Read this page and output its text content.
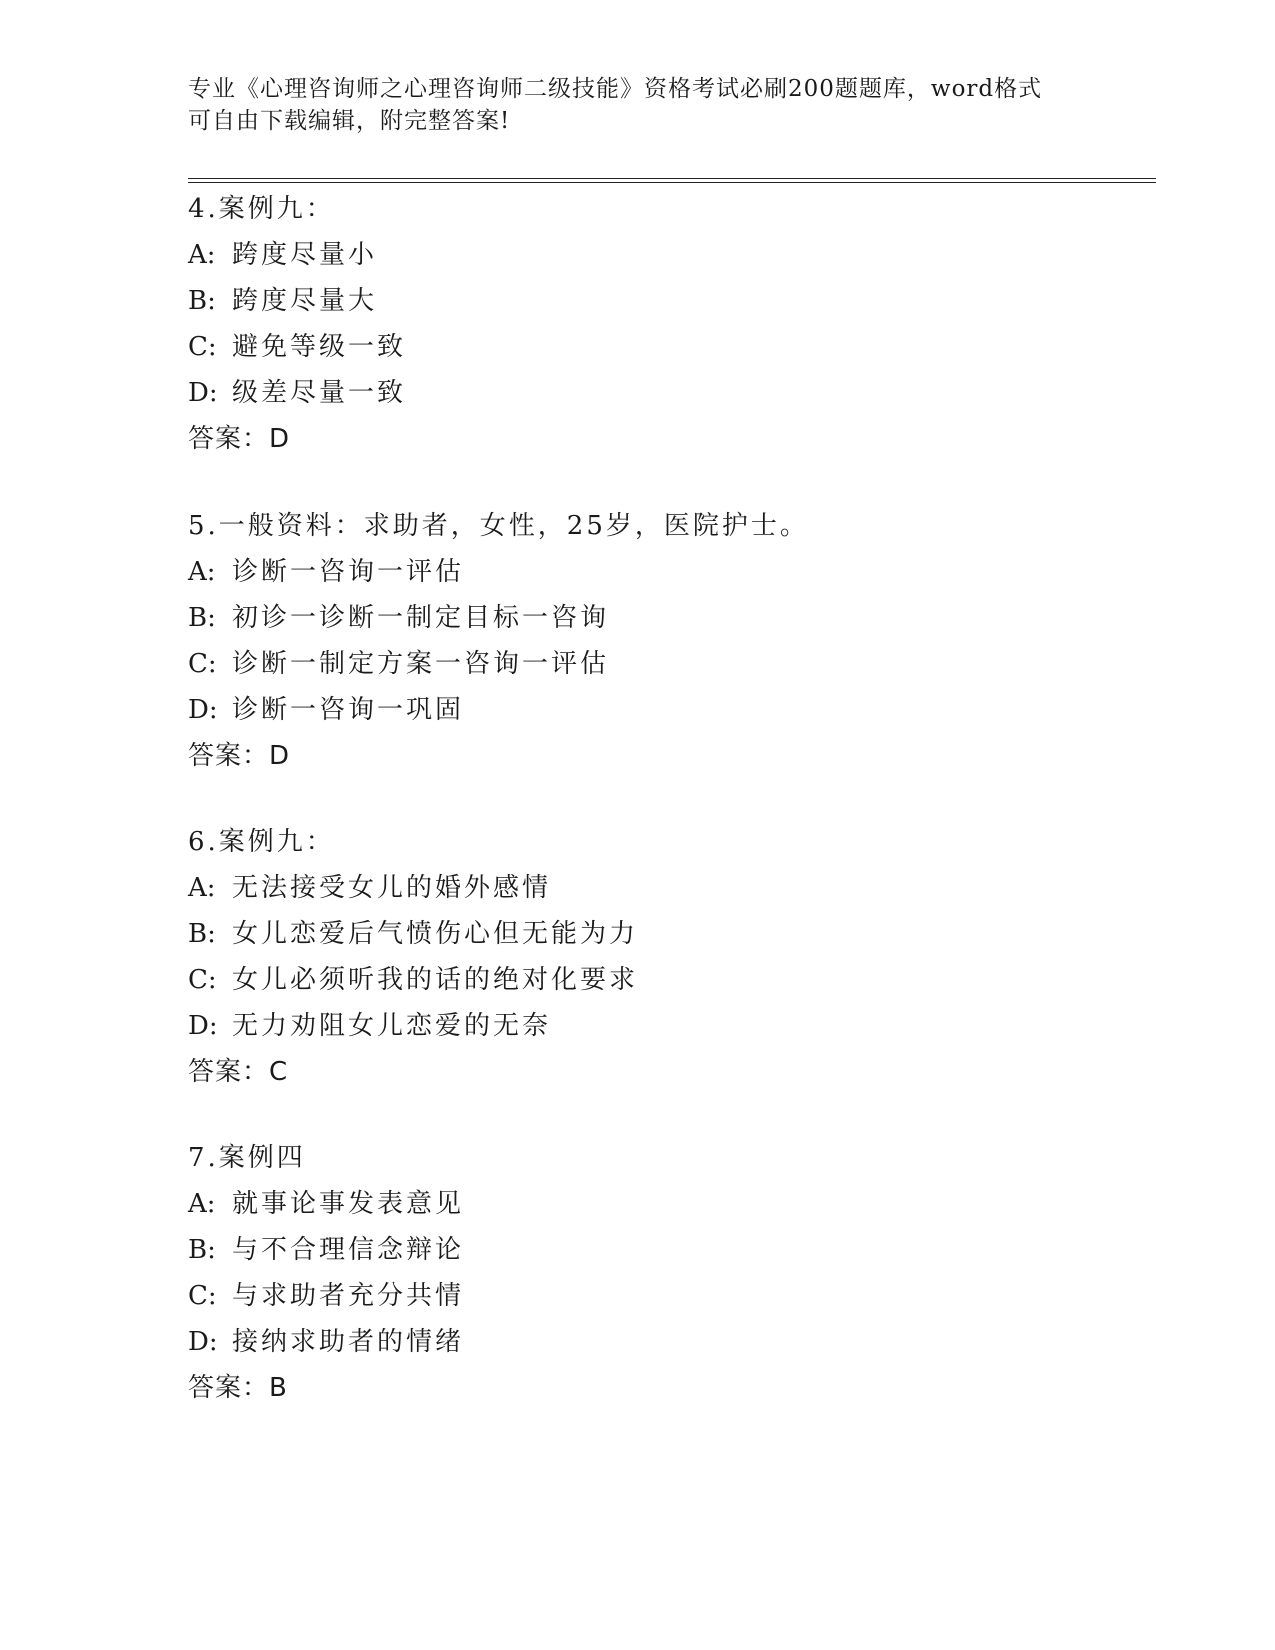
专业《心理咨询师之心理咨询师二级技能》资格考试必刷200题题库，word格式
可自由下载编辑，附完整答案!
4.案例九：
A: 跨度尽量小
B: 跨度尽量大
C: 避免等级一致
D: 级差尽量一致
答案：D
5.一般资料：求助者，女性，25岁，医院护士。
A: 诊断一咨询一评估
B: 初诊一诊断一制定目标一咨询
C: 诊断一制定方案一咨询一评估
D: 诊断一咨询一巩固
答案：D
6.案例九：
A: 无法接受女儿的婚外感情
B: 女儿恋爱后气愤伤心但无能为力
C: 女儿必须听我的话的绝对化要求
D: 无力劝阻女儿恋爱的无奈
答案：C
7.案例四
A: 就事论事发表意见
B: 与不合理信念辩论
C: 与求助者充分共情
D: 接纳求助者的情绪
答案：B
